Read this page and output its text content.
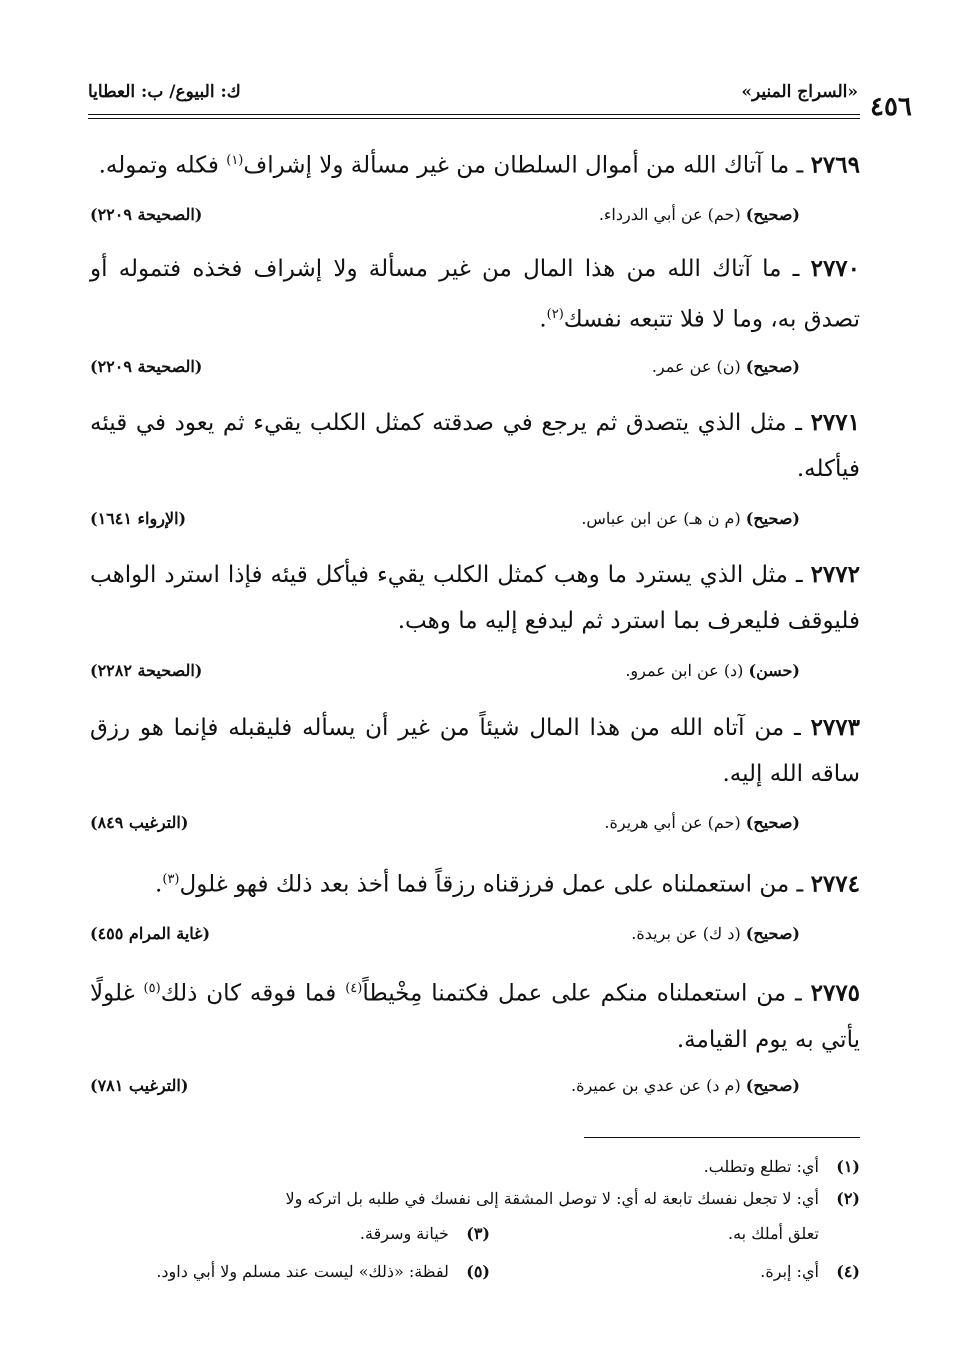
٤٥٦
«السراج المنير»
ك: البيوع/ ب: العطايا
٢٧٦٩ ـ ما آتاك الله من أموال السلطان من غير مسألة ولا إشراف$^{(١)}$ فكله وتموله.
(صحيح) (حم) عن أبي الدرداء.
(الصحيحة ٢٢٠٩)
٢٧٧٠ ـ ما آتاك الله من هذا المال من غير مسألة ولا إشراف فخذه فتموله أو تصدق به، وما لا فلا تتبعه نفسك$^{(٢)}$.
(صحيح) (ن) عن عمر.
(الصحيحة ٢٢٠٩)
٢٧٧١ ـ مثل الذي يتصدق ثم يرجع في صدقته كمثل الكلب يقيء ثم يعود في قيئه فيأكله.
(صحيح) (م ن هـ) عن ابن عباس.
(الإرواء ١٦٤١)
٢٧٧٢ ـ مثل الذي يسترد ما وهب كمثل الكلب يقيء فيأكل قيئه فإذا استرد الواهب فليوقف فليعرف بما استرد ثم ليدفع إليه ما وهب.
(حسن) (د) عن ابن عمرو.
(الصحيحة ٢٢٨٢)
٢٧٧٣ ـ من آتاه الله من هذا المال شيئاً من غير أن يسأله فليقبله فإنما هو رزق ساقه الله إليه.
(صحيح) (حم) عن أبي هريرة.
(الترغيب ٨٤٩)
٢٧٧٤ ـ من استعملناه على عمل فرزقناه رزقاً فما أخذ بعد ذلك فهو غلول$^{(٣)}$.
(صحيح) (د ك) عن بريدة.
(غاية المرام ٤٥٥)
٢٧٧٥ ـ من استعملناه منكم على عمل فكتمنا مِخْيطاً$^{(٤)}$ فما فوقه كان ذلك$^{(٥)}$ غلولًا يأتي به يوم القيامة.
(صحيح) (م د) عن عدي بن عميرة.
(الترغيب ٧٨١)
(١) أي: تطلع وتطلب.
(٢) أي: لا تجعل نفسك تابعة له أي: لا توصل المشقة إلى نفسك في طلبه بل اتركه ولا
تعلق أملك به.
(٣) خيانة وسرقة.
(٤) أي: إبرة.
(٥) لفظة: «ذلك» ليست عند مسلم ولا أبي داود.
